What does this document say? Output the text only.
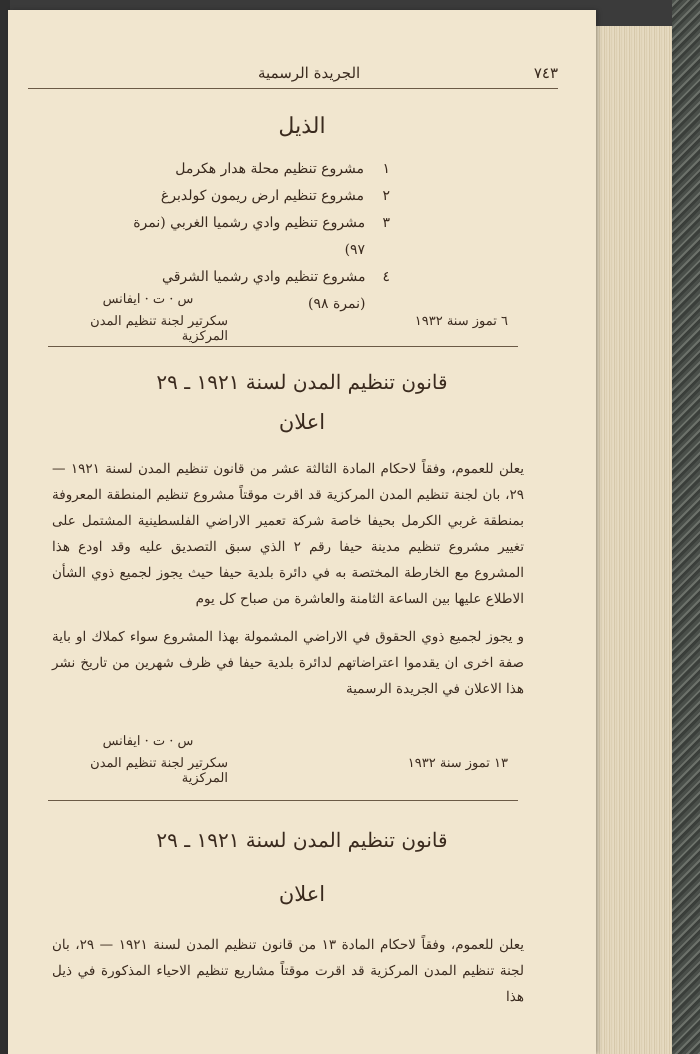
٧٤٣
الجريدة الرسمية
الذيل
١
مشروع تنظيم محلة هدار هكرمل
٢
مشروع تنظيم ارض ريمون كولدبرغ
٣
مشروع تنظيم وادي رشميا الغربي (نمرة ٩٧)
٤
مشروع تنظيم وادي رشميا الشرقي (نمرة ٩٨)
س · ت · ايفانس
سكرتير لجنة تنظيم المدن المركزية
٦ تموز سنة ١٩٣٢
قانون تنظيم المدن لسنة ١٩٢١ ـ ٢٩
اعلان

يعلن للعموم، وفقاً لاحكام المادة الثالثة عشر من قانون تنظيم المدن لسنة ١٩٢١ — ٢٩، بان لجنة تنظيم المدن المركزية قد اقرت موقتاً مشروع تنظيم المنطقة المعروفة بمنطقة غربي الكرمل بحيفا خاصة شركة تعمير الاراضي الفلسطينية المشتمل على تغيير مشروع تنظيم مدينة حيفا رقم ٢ الذي سبق التصديق عليه وقد اودع هذا المشروع مع الخارطة المختصة به في دائرة بلدية حيفا حيث يجوز لجميع ذوي الشأن الاطلاع عليها بين الساعة الثامنة والعاشرة من صباح كل يوم

و يجوز لجميع ذوي الحقوق في الاراضي المشمولة بهذا المشروع سواء كملاك او باية صفة اخرى ان يقدموا اعتراضاتهم لدائرة بلدية حيفا في ظرف شهرين من تاريخ نشر هذا الاعلان في الجريدة الرسمية

س · ت · ايفانس
سكرتير لجنة تنظيم المدن المركزية
١٣ تموز سنة ١٩٣٢
قانون تنظيم المدن لسنة ١٩٢١ ـ ٢٩
اعلان

يعلن للعموم، وفقاً لاحكام المادة ١٣ من قانون تنظيم المدن لسنة ١٩٢١ — ٢٩، بان لجنة تنظيم المدن المركزية قد اقرت موقتاً مشاريع تنظيم الاحياء المذكورة في ذيل هذا
